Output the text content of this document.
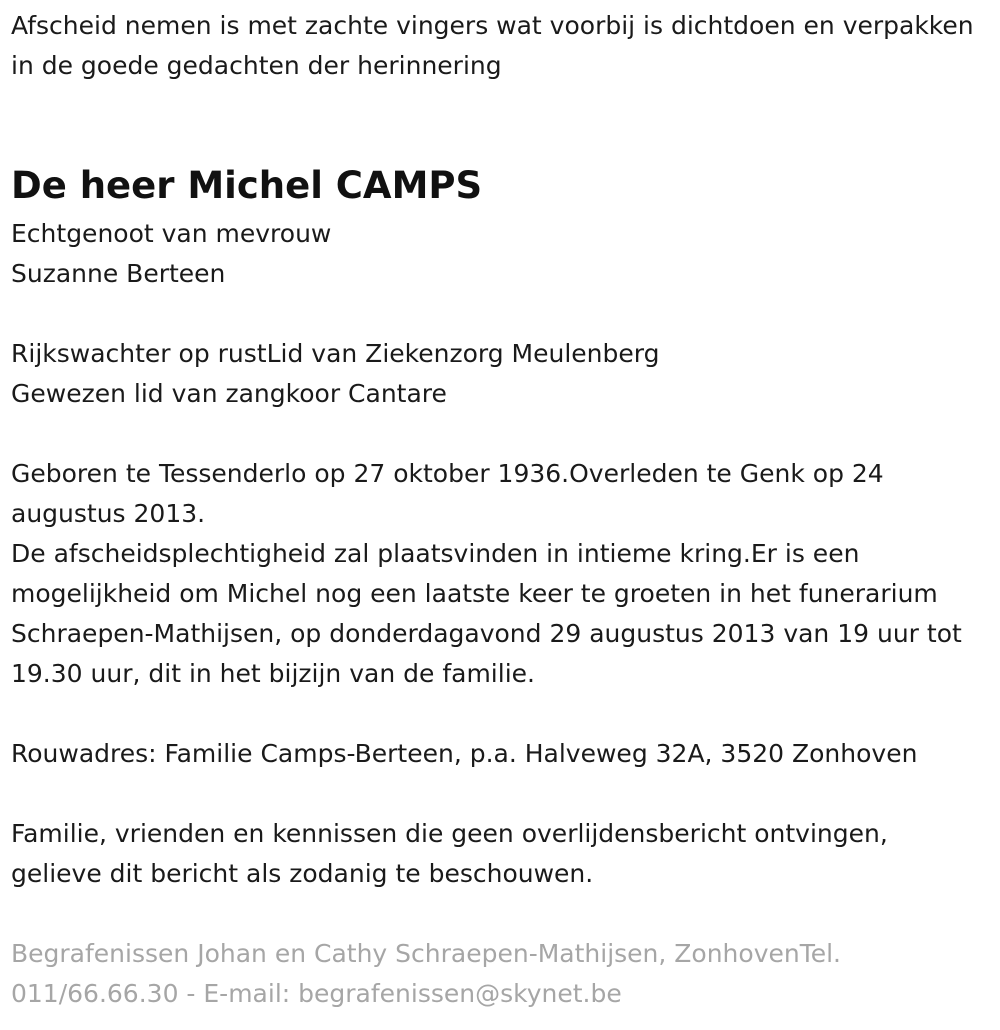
Afscheid nemen is met zachte vingers wat voorbij is dichtdoen en verpakken
in de goede gedachten der herinnering

De heer Michel CAMPS

Echtgenoot van mevrouw
Suzanne Berteen

Rijkswachter op rustLid van Ziekenzorg Meulenberg
Gewezen lid van zangkoor Cantare

Geboren te Tessenderlo op 27 oktober 1936.Overleden te Genk op 24 augustus 2013.
De afscheidsplechtigheid zal plaatsvinden in intieme kring.Er is een mogelijkheid om Michel nog een laatste keer te groeten in het funerarium Schraepen-Mathijsen, op donderdagavond 29 augustus 2013 van 19 uur tot 19.30 uur, dit in het bijzijn van de familie.

Rouwadres: Familie Camps-Berteen, p.a. Halveweg 32A, 3520 Zonhoven

Familie, vrienden en kennissen die geen overlijdensbericht ontvingen, gelieve dit bericht als zodanig te beschouwen.

Begrafenissen Johan en Cathy Schraepen-Mathijsen, ZonhovenTel. 011/66.66.30 - E-mail: begrafenissen@skynet.be
